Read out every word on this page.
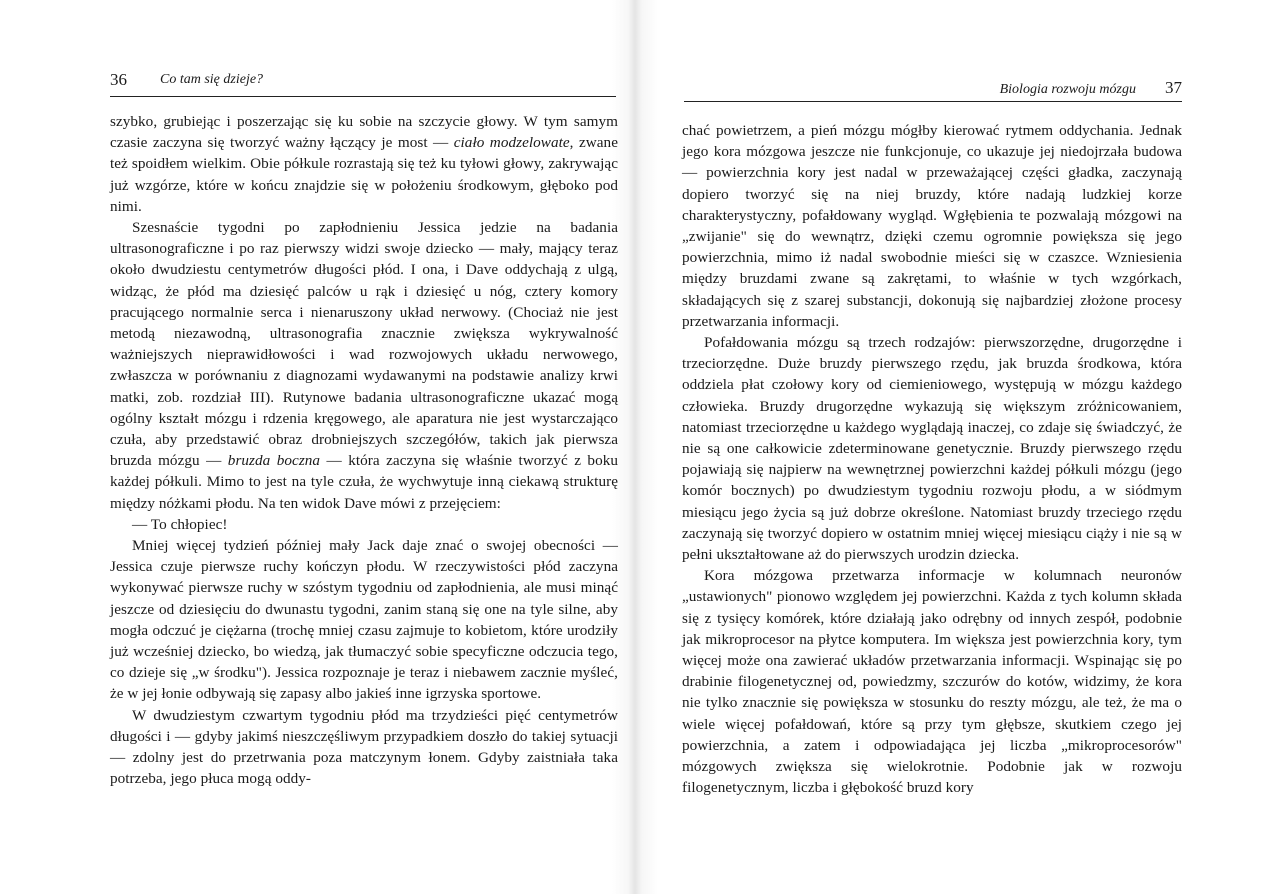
36 Co tam się dzieje?

szybko, grubiejąc i poszerzając się ku sobie na szczycie głowy. W tym samym czasie zaczyna się tworzyć ważny łączący je most — ciało modzelowate, zwane też spoidłem wielkim. Obie półkule rozrastają się też ku tyłowi głowy, zakrywając już wzgórze, które w końcu znajdzie się w położeniu środkowym, głęboko pod nimi.

Szesnaście tygodni po zapłodnieniu Jessica jedzie na badania ultrasonograficzne i po raz pierwszy widzi swoje dziecko — mały, mający teraz około dwudziestu centymetrów długości płód. I ona, i Dave oddychają z ulgą, widząc, że płód ma dziesięć palców u rąk i dziesięć u nóg, cztery komory pracującego normalnie serca i nienaruszony układ nerwowy. (Chociaż nie jest metodą niezawodną, ultrasonografia znacznie zwiększa wykrywalność ważniejszych nieprawidłowości i wad rozwojowych układu nerwowego, zwłaszcza w porównaniu z diagnozami wydawanymi na podstawie analizy krwi matki, zob. rozdział III). Rutynowe badania ultrasonograficzne ukazać mogą ogólny kształt mózgu i rdzenia kręgowego, ale aparatura nie jest wystarczająco czuła, aby przedstawić obraz drobniejszych szczegółów, takich jak pierwsza bruzda mózgu — bruzda boczna — która zaczyna się właśnie tworzyć z boku każdej półkuli. Mimo to jest na tyle czuła, że wychwytuje inną ciekawą strukturę między nóżkami płodu. Na ten widok Dave mówi z przejęciem:

— To chłopiec!

Mniej więcej tydzień później mały Jack daje znać o swojej obecności — Jessica czuje pierwsze ruchy kończyn płodu. W rzeczywistości płód zaczyna wykonywać pierwsze ruchy w szóstym tygodniu od zapłodnienia, ale musi minąć jeszcze od dziesięciu do dwunastu tygodni, zanim staną się one na tyle silne, aby mogła odczuć je ciężarna (trochę mniej czasu zajmuje to kobietom, które urodziły już wcześniej dziecko, bo wiedzą, jak tłumaczyć sobie specyficzne odczucia tego, co dzieje się „w środku"). Jessica rozpoznaje je teraz i niebawem zacznie myśleć, że w jej łonie odbywają się zapasy albo jakieś inne igrzyska sportowe.

W dwudziestym czwartym tygodniu płód ma trzydzieści pięć centymetrów długości i — gdyby jakimś nieszczęśliwym przypadkiem doszło do takiej sytuacji — zdolny jest do przetrwania poza matczynym łonem. Gdyby zaistniała taka potrzeba, jego płuca mogą oddy-

Biologia rozwoju mózgu 37

chać powietrzem, a pień mózgu mógłby kierować rytmem oddychania. Jednak jego kora mózgowa jeszcze nie funkcjonuje, co ukazuje jej niedojrzała budowa — powierzchnia kory jest nadal w przeważającej części gładka, zaczynają dopiero tworzyć się na niej bruzdy, które nadają ludzkiej korze charakterystyczny, pofałdowany wygląd. Wgłębienia te pozwalają mózgowi na „zwijanie" się do wewnątrz, dzięki czemu ogromnie powiększa się jego powierzchnia, mimo iż nadal swobodnie mieści się w czaszce. Wzniesienia między bruzdami zwane są zakrętami, to właśnie w tych wzgórkach, składających się z szarej substancji, dokonują się najbardziej złożone procesy przetwarzania informacji.

Pofałdowania mózgu są trzech rodzajów: pierwszorzędne, drugorzędne i trzeciorzędne. Duże bruzdy pierwszego rzędu, jak bruzda środkowa, która oddziela płat czołowy kory od ciemieniowego, występują w mózgu każdego człowieka. Bruzdy drugorzędne wykazują się większym zróżnicowaniem, natomiast trzeciorzędne u każdego wyglądają inaczej, co zdaje się świadczyć, że nie są one całkowicie zdeterminowane genetycznie. Bruzdy pierwszego rzędu pojawiają się najpierw na wewnętrznej powierzchni każdej półkuli mózgu (jego komór bocznych) po dwudziestym tygodniu rozwoju płodu, a w siódmym miesiącu jego życia są już dobrze określone. Natomiast bruzdy trzeciego rzędu zaczynają się tworzyć dopiero w ostatnim mniej więcej miesiącu ciąży i nie są w pełni ukształtowane aż do pierwszych urodzin dziecka.

Kora mózgowa przetwarza informacje w kolumnach neuronów „ustawionych" pionowo względem jej powierzchni. Każda z tych kolumn składa się z tysięcy komórek, które działają jako odrębny od innych zespół, podobnie jak mikroprocesor na płytce komputera. Im większa jest powierzchnia kory, tym więcej może ona zawierać układów przetwarzania informacji. Wspinając się po drabinie filogenetycznej od, powiedzmy, szczurów do kotów, widzimy, że kora nie tylko znacznie się powiększa w stosunku do reszty mózgu, ale też, że ma o wiele więcej pofałdowań, które są przy tym głębsze, skutkiem czego jej powierzchnia, a zatem i odpowiadająca jej liczba „mikroprocesorów" mózgowych zwiększa się wielokrotnie. Podobnie jak w rozwoju filogenetycznym, liczba i głębokość bruzd kory
